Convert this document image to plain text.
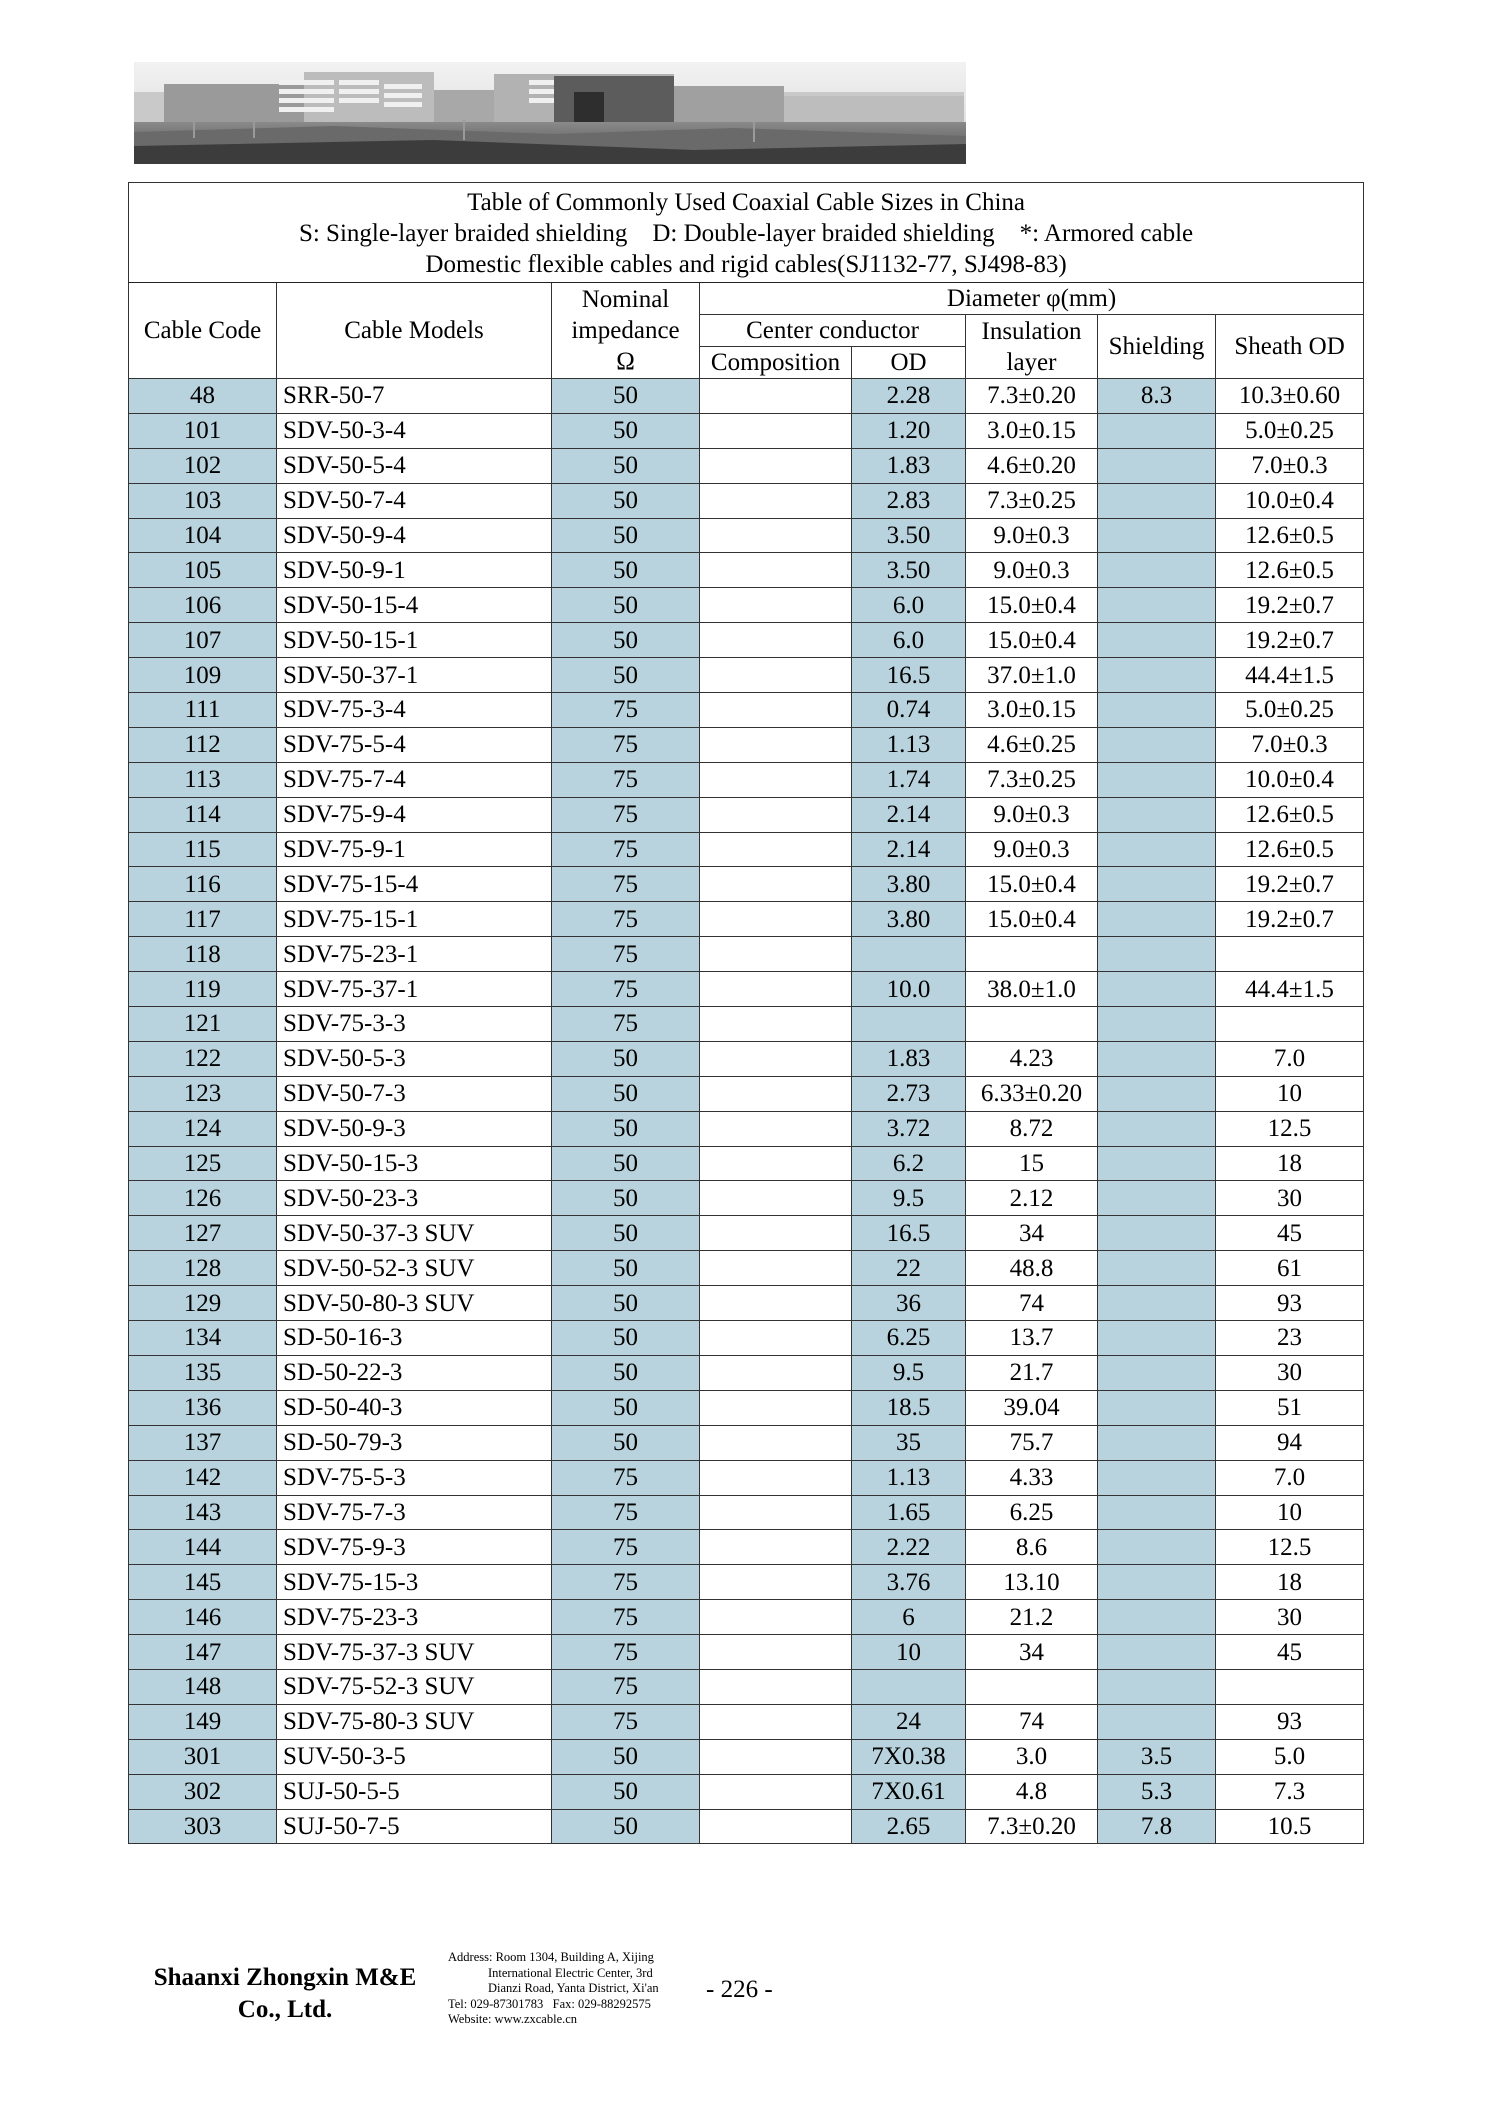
Table of Commonly Used Coaxial Cable Sizes in China
S: Single-layer braided shielding    D: Double-layer braided shielding    *: Armored cable
Domestic flexible cables and rigid cables(SJ1132-77, SJ498-83)							

Cable Code	Cable Models	Nominal
impedance
Ω	Diameter φ(mm)				
			Center conductor		Insulation
layer	Shielding	Sheath OD
			Composition	OD			
48	SRR-50-7	50		2.28	7.3±0.20	8.3	10.3±0.60
101	SDV-50-3-4	50		1.20	3.0±0.15		5.0±0.25
102	SDV-50-5-4	50		1.83	4.6±0.20		7.0±0.3
103	SDV-50-7-4	50		2.83	7.3±0.25		10.0±0.4
104	SDV-50-9-4	50		3.50	9.0±0.3		12.6±0.5
105	SDV-50-9-1	50		3.50	9.0±0.3		12.6±0.5
106	SDV-50-15-4	50		6.0	15.0±0.4		19.2±0.7
107	SDV-50-15-1	50		6.0	15.0±0.4		19.2±0.7
109	SDV-50-37-1	50		16.5	37.0±1.0		44.4±1.5
111	SDV-75-3-4	75		0.74	3.0±0.15		5.0±0.25
112	SDV-75-5-4	75		1.13	4.6±0.25		7.0±0.3
113	SDV-75-7-4	75		1.74	7.3±0.25		10.0±0.4
114	SDV-75-9-4	75		2.14	9.0±0.3		12.6±0.5
115	SDV-75-9-1	75		2.14	9.0±0.3		12.6±0.5
116	SDV-75-15-4	75		3.80	15.0±0.4		19.2±0.7
117	SDV-75-15-1	75		3.80	15.0±0.4		19.2±0.7
118	SDV-75-23-1	75					
119	SDV-75-37-1	75		10.0	38.0±1.0		44.4±1.5
121	SDV-75-3-3	75					
122	SDV-50-5-3	50		1.83	4.23		7.0
123	SDV-50-7-3	50		2.73	6.33±0.20		10
124	SDV-50-9-3	50		3.72	8.72		12.5
125	SDV-50-15-3	50		6.2	15		18
126	SDV-50-23-3	50		9.5	2.12		30
127	SDV-50-37-3 SUV	50		16.5	34		45
128	SDV-50-52-3 SUV	50		22	48.8		61
129	SDV-50-80-3 SUV	50		36	74		93
134	SD-50-16-3	50		6.25	13.7		23
135	SD-50-22-3	50		9.5	21.7		30
136	SD-50-40-3	50		18.5	39.04		51
137	SD-50-79-3	50		35	75.7		94
142	SDV-75-5-3	75		1.13	4.33		7.0
143	SDV-75-7-3	75		1.65	6.25		10
144	SDV-75-9-3	75		2.22	8.6		12.5
145	SDV-75-15-3	75		3.76	13.10		18
146	SDV-75-23-3	75		6	21.2		30
147	SDV-75-37-3 SUV	75		10	34		45
148	SDV-75-52-3 SUV	75					
149	SDV-75-80-3 SUV	75		24	74		93
301	SUV-50-3-5	50		7X0.38	3.0	3.5	5.0
302	SUJ-50-5-5	50		7X0.61	4.8	5.3	7.3
303	SUJ-50-7-5	50		2.65	7.3±0.20	7.8	10.5
Shaanxi Zhongxin M&E
Co., Ltd.
Address: Room 1304, Building A, Xijing
International Electric Center, 3rd
Dianzi Road, Yanta District, Xi'an
Tel: 029-87301783   Fax: 029-88292575
Website: www.zxcable.cn
- 226 -
